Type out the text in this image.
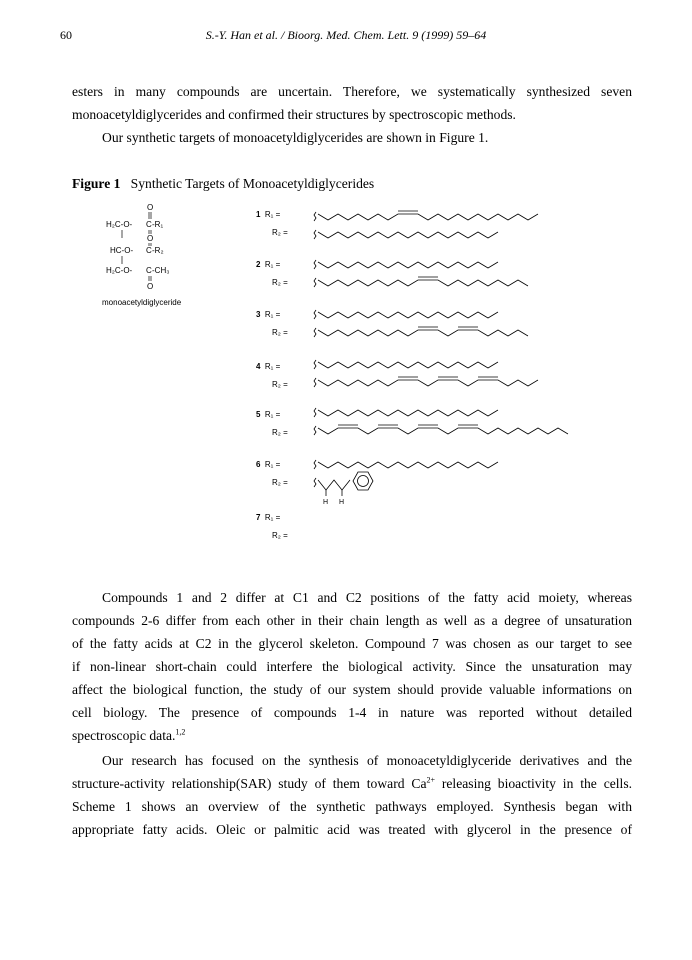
60	S.-Y. Han et al. / Bioorg. Med. Chem. Lett. 9 (1999) 59–64
esters in many compounds are uncertain. Therefore, we systematically synthesized seven
monoacetyldiglycerides and confirmed their structures by spectroscopic methods.
Our synthetic targets of monoacetyldiglycerides are shown in Figure 1.
Figure 1 Synthetic Targets of Monoacetyldiglycerides
O
H₂C-O- C -R₁
O
HC-O- C -R₂
H₂C-O- C -CH₃
O
monoacetyldiglyceride
1 R₁ =
R₂ =
2 R₁ =
R₂ =
3 R₁ =
R₂ =
4 R₁ =
R₂ =
5 R₁ =
R₂ =
6 R₁ =
R₂ =
7 R₁ =
R₂ =
H H
Compounds 1 and 2 differ at C1 and C2 positions of the fatty acid moiety, whereas
compounds 2-6 differ from each other in their chain length as well as a degree of unsaturation
of the fatty acids at C2 in the glycerol skeleton. Compound 7 was chosen as our target to see
if non-linear short-chain could interfere the biological activity. Since the unsaturation may
affect the biological function, the study of our system should provide valuable informations on
cell biology. The presence of compounds 1-4 in nature was reported without detailed
spectroscopic data.$^{1,2}$
Our research has focused on the synthesis of monoacetyldiglyceride derivatives and the
structure-activity relationship(SAR) study of them toward $Ca^{2+}$ releasing bioactivity in the cells.
Scheme 1 shows an overview of the synthetic pathways employed. Synthesis began with
appropriate fatty acids. Oleic or palmitic acid was treated with glycerol in the presence of
